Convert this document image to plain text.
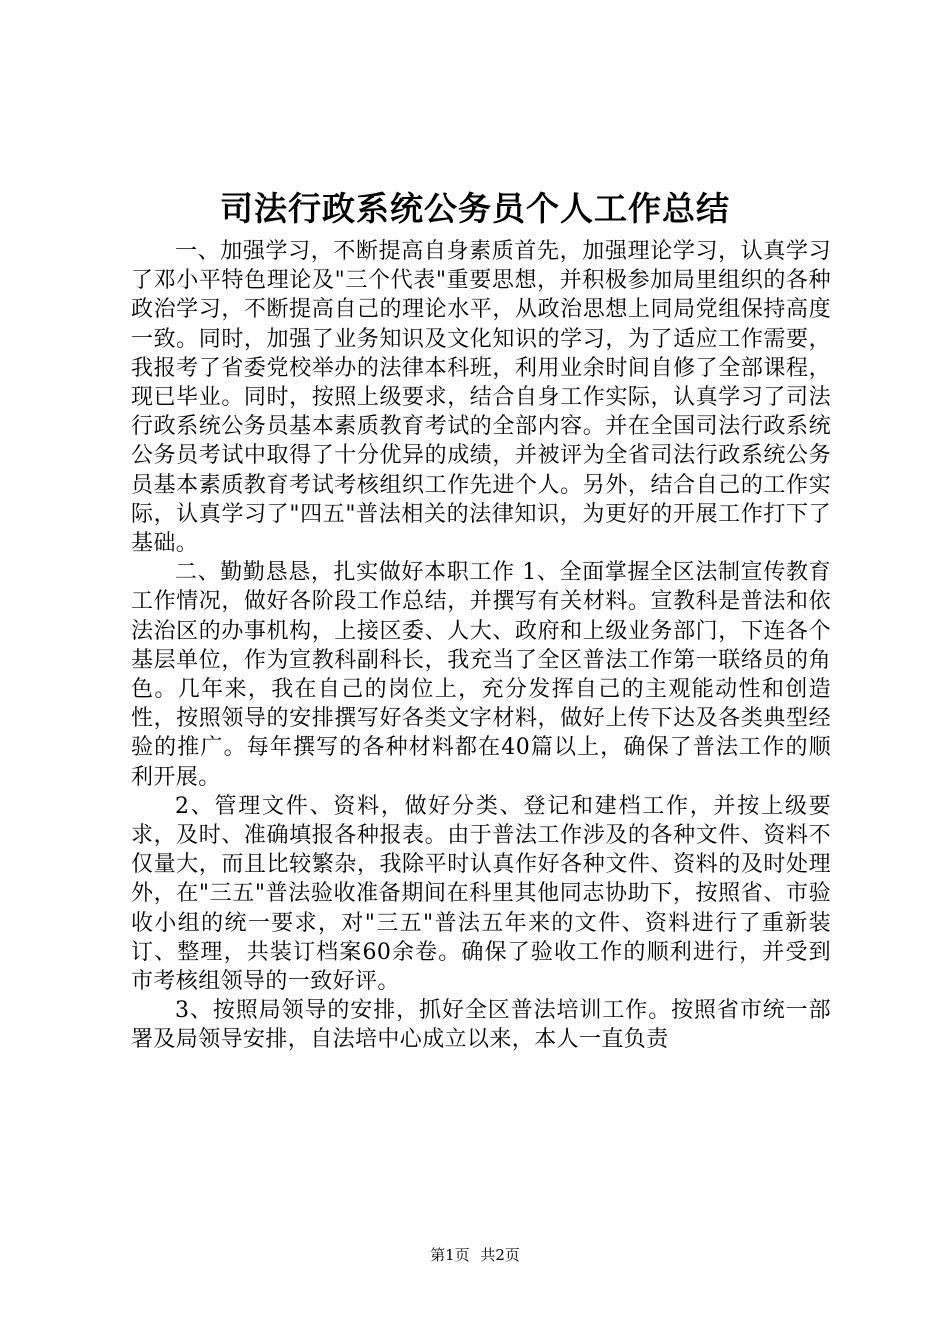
司法行政系统公务员个人工作总结

一、加强学习，不断提高自身素质首先，加强理论学习，认真学习了邓小平特色理论及"三个代表"重要思想，并积极参加局里组织的各种政治学习，不断提高自己的理论水平，从政治思想上同局党组保持高度一致。同时，加强了业务知识及文化知识的学习，为了适应工作需要，我报考了省委党校举办的法律本科班，利用业余时间自修了全部课程，现已毕业。同时，按照上级要求，结合自身工作实际，认真学习了司法行政系统公务员基本素质教育考试的全部内容。并在全国司法行政系统公务员考试中取得了十分优异的成绩，并被评为全省司法行政系统公务员基本素质教育考试考核组织工作先进个人。另外，结合自己的工作实际，认真学习了"四五"普法相关的法律知识，为更好的开展工作打下了基础。

二、勤勤恳恳，扎实做好本职工作 1、全面掌握全区法制宣传教育工作情况，做好各阶段工作总结，并撰写有关材料。宣教科是普法和依法治区的办事机构，上接区委、人大、政府和上级业务部门，下连各个基层单位，作为宣教科副科长，我充当了全区普法工作第一联络员的角色。几年来，我在自己的岗位上，充分发挥自己的主观能动性和创造性，按照领导的安排撰写好各类文字材料，做好上传下达及各类典型经验的推广。每年撰写的各种材料都在40篇以上，确保了普法工作的顺利开展。

2、管理文件、资料，做好分类、登记和建档工作，并按上级要求，及时、准确填报各种报表。由于普法工作涉及的各种文件、资料不仅量大，而且比较繁杂，我除平时认真作好各种文件、资料的及时处理外，在"三五"普法验收准备期间在科里其他同志协助下，按照省、市验收小组的统一要求，对"三五"普法五年来的文件、资料进行了重新装订、整理，共装订档案60余卷。确保了验收工作的顺利进行，并受到市考核组领导的一致好评。

3、按照局领导的安排，抓好全区普法培训工作。按照省市统一部署及局领导安排，自法培中心成立以来，本人一直负责

第1页 共2页
